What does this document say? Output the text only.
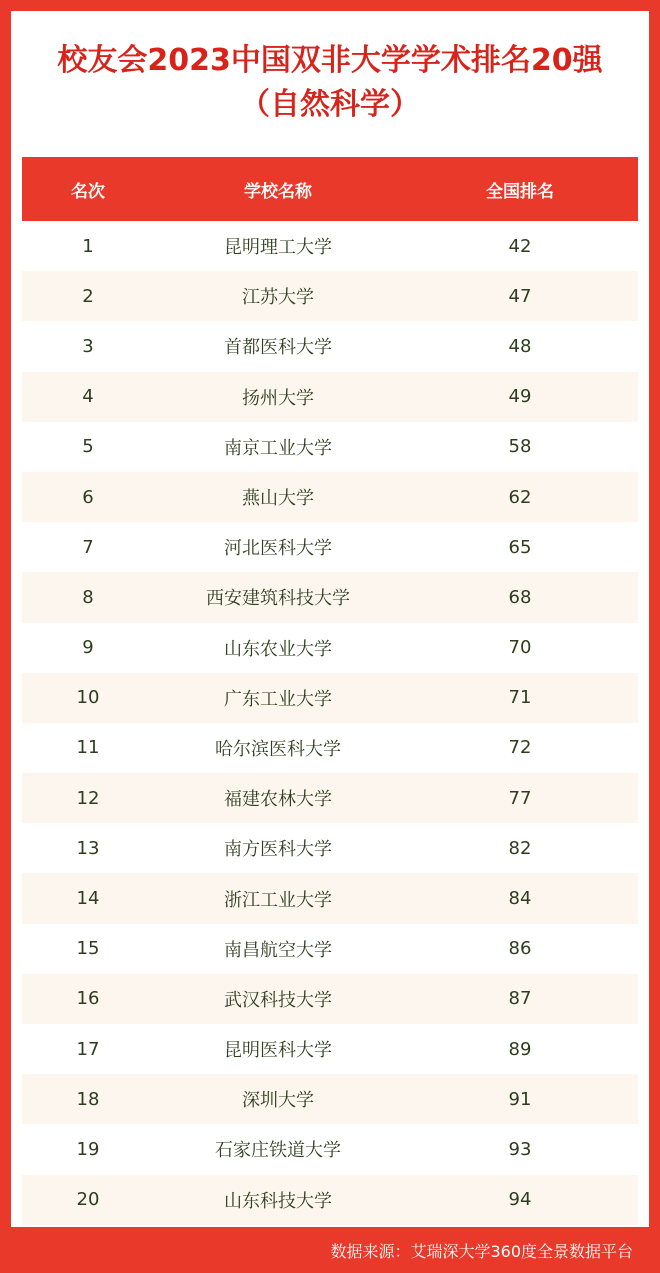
校友会2023中国双非大学学术排名20强
（自然科学）
名次	学校名称	全国排名
1	昆明理工大学	42
2	江苏大学	47
3	首都医科大学	48
4	扬州大学	49
5	南京工业大学	58
6	燕山大学	62
7	河北医科大学	65
8	西安建筑科技大学	68
9	山东农业大学	70
10	广东工业大学	71
11	哈尔滨医科大学	72
12	福建农林大学	77
13	南方医科大学	82
14	浙江工业大学	84
15	南昌航空大学	86
16	武汉科技大学	87
17	昆明医科大学	89
18	深圳大学	91
19	石家庄铁道大学	93
20	山东科技大学	94
数据来源：艾瑞深大学360度全景数据平台
